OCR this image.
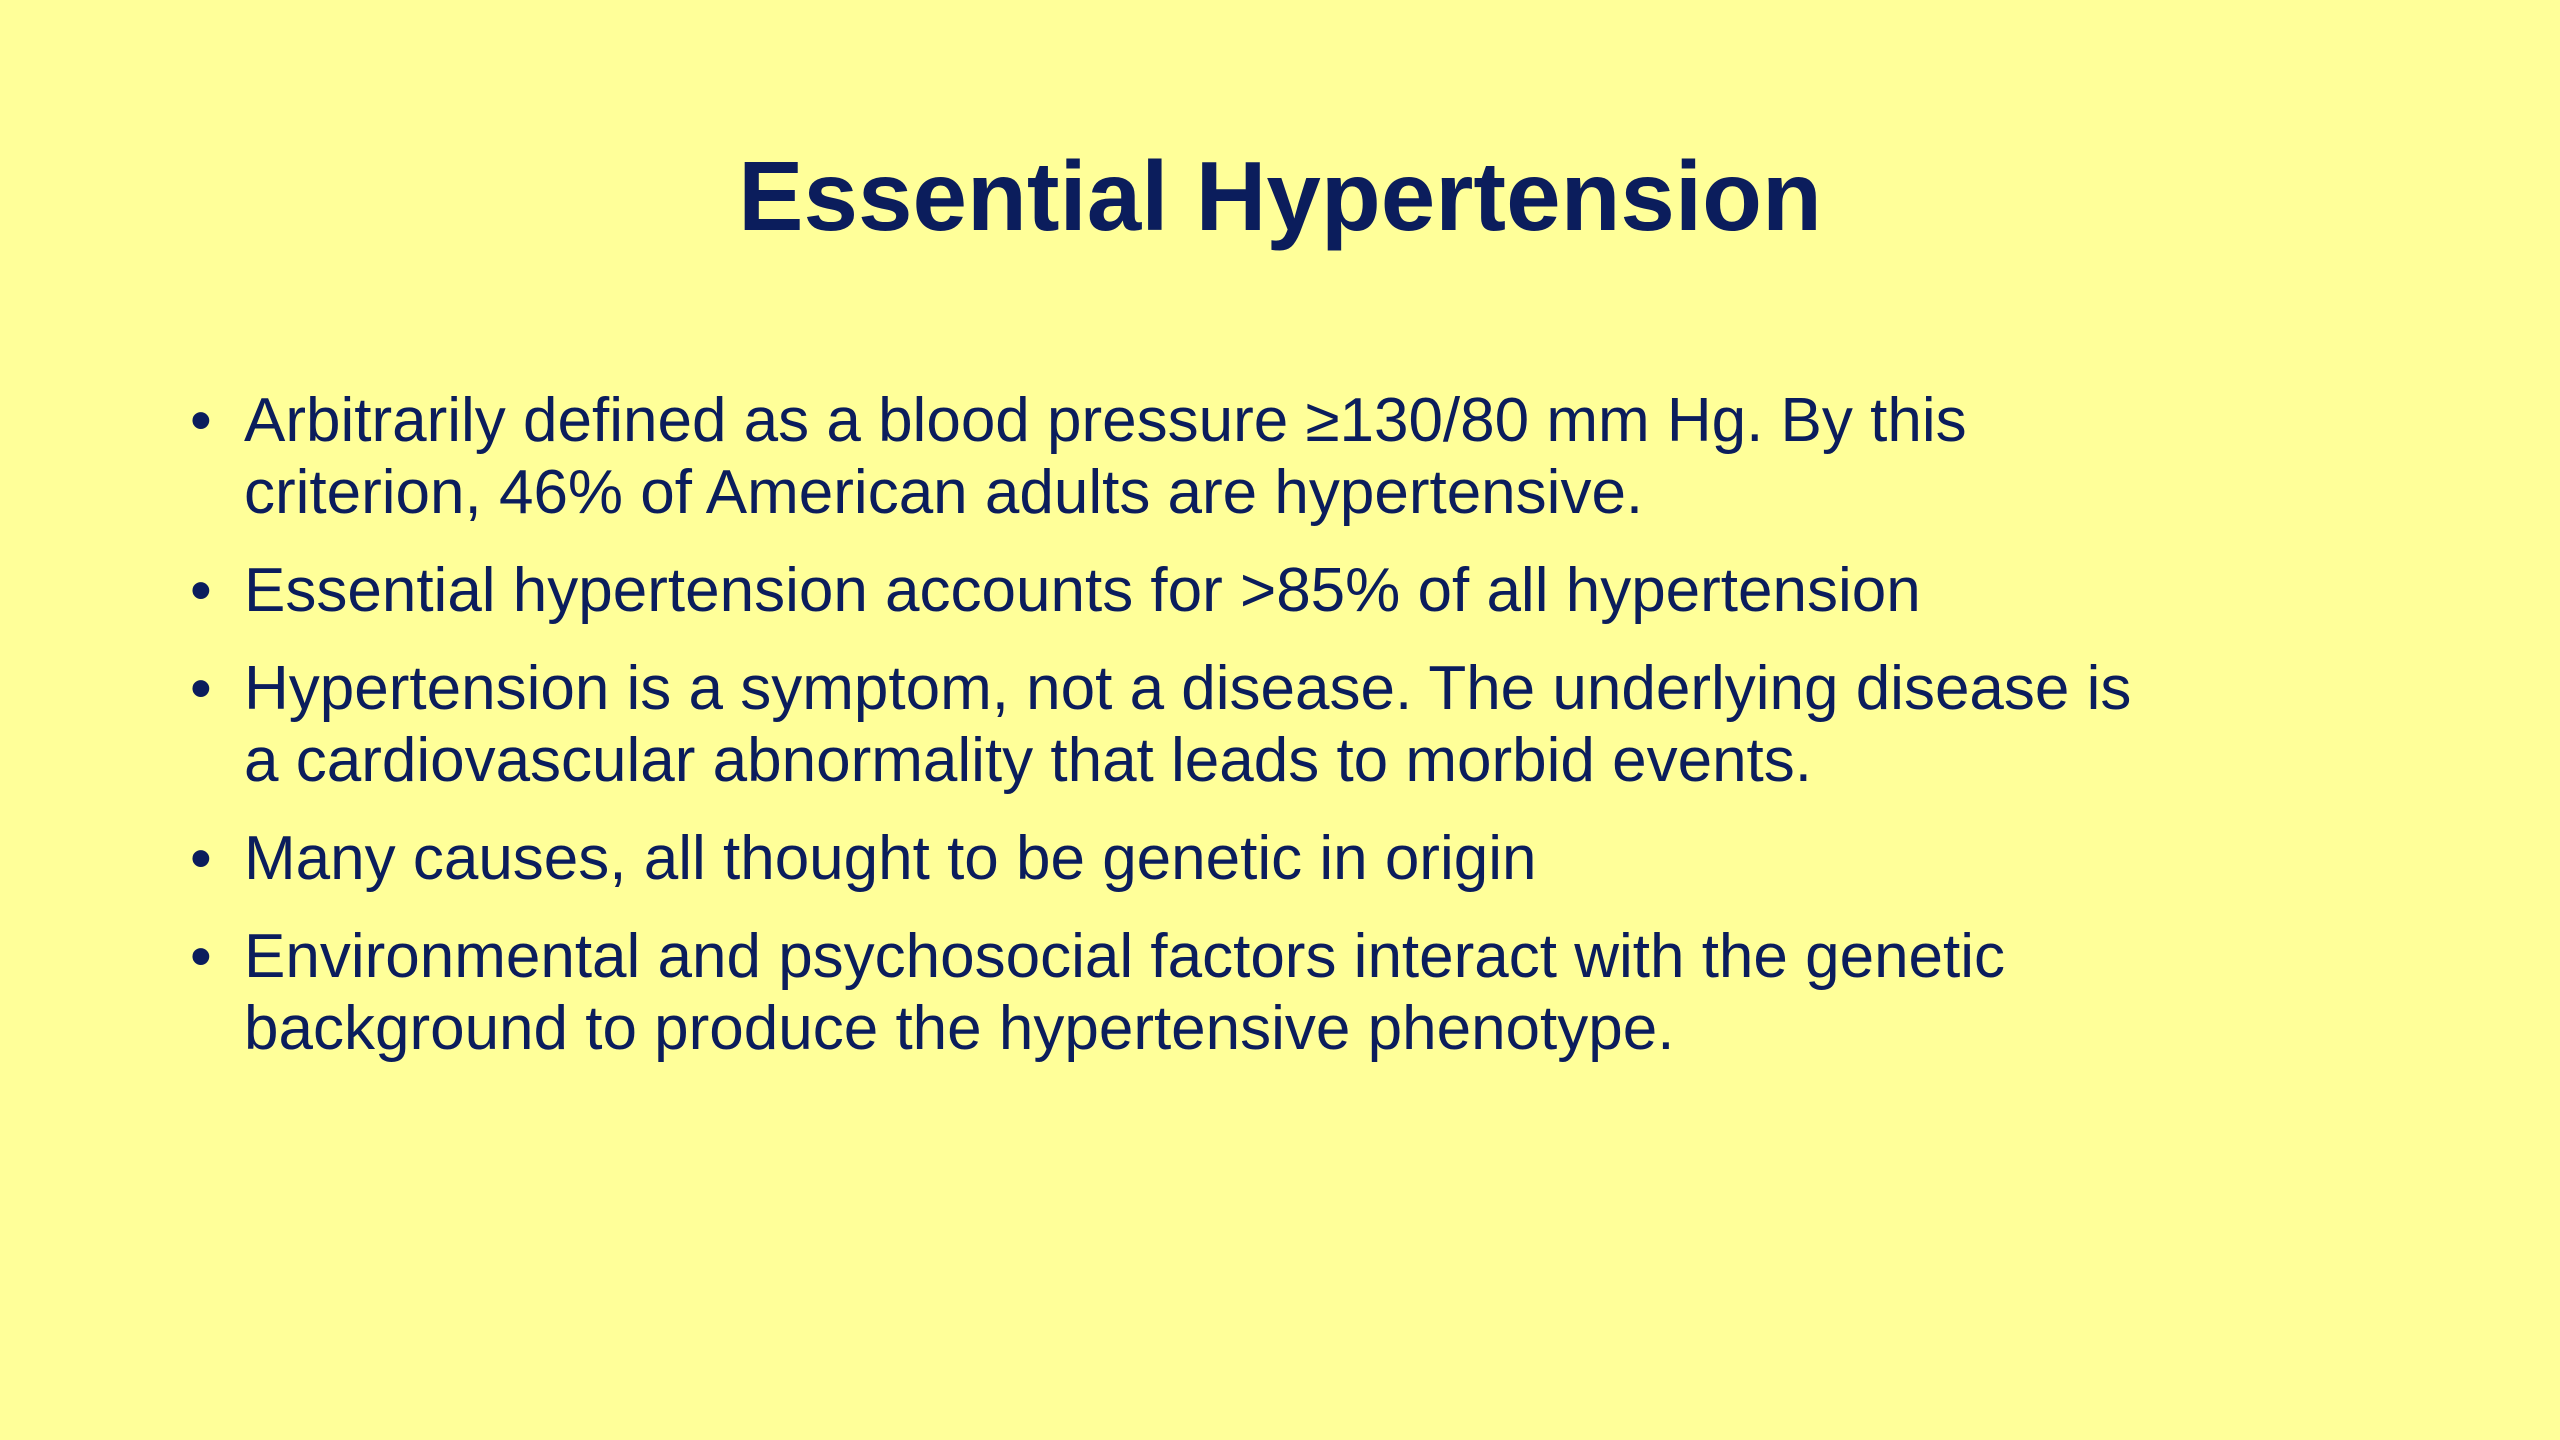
Essential Hypertension
• Arbitrarily defined as a blood pressure ≥130/80 mm Hg. By this
criterion, 46% of American adults are hypertensive.
• Essential hypertension accounts for >85% of all hypertension
• Hypertension is a symptom, not a disease. The underlying disease is
a cardiovascular abnormality that leads to morbid events.
• Many causes, all thought to be genetic in origin
• Environmental and psychosocial factors interact with the genetic
background to produce the hypertensive phenotype.
